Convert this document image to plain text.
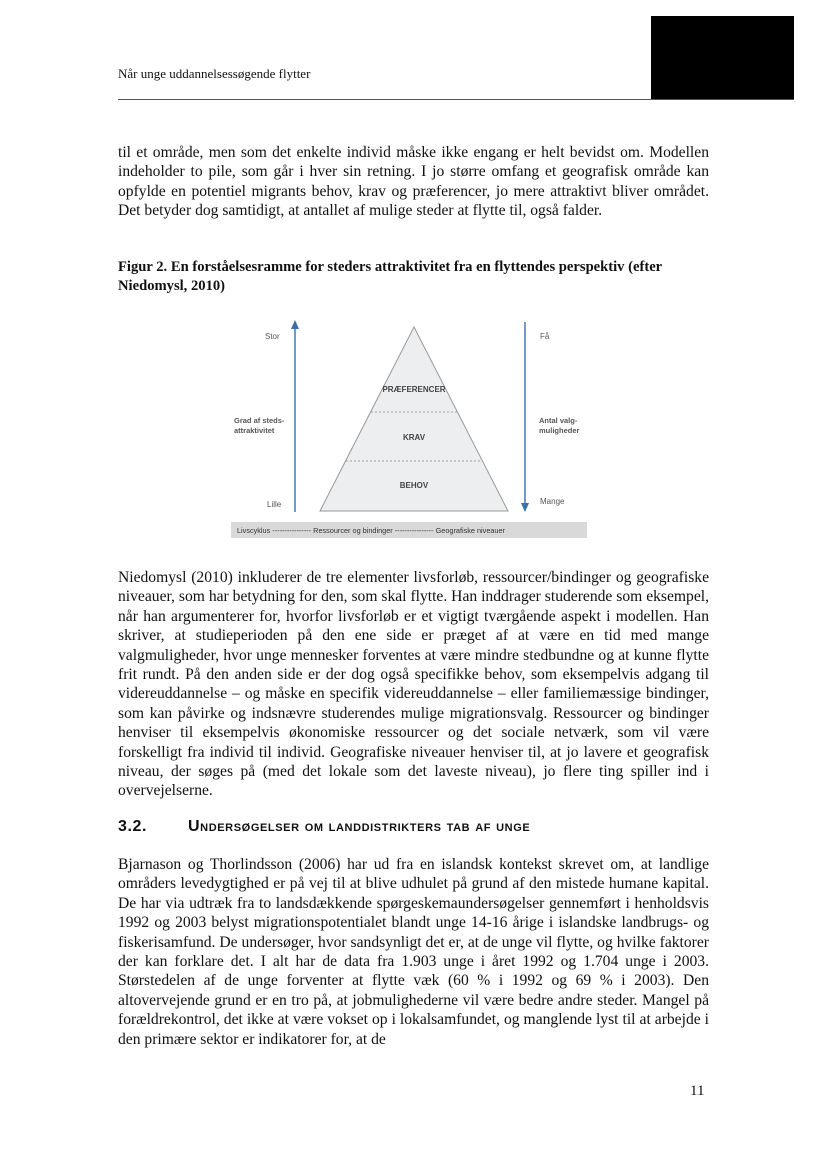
Når unge uddannelsessøgende flytter

til et område, men som det enkelte individ måske ikke engang er helt bevidst om. Modellen indeholder to pile, som går i hver sin retning. I jo større omfang et geografisk område kan opfylde en potentiel migrants behov, krav og præferencer, jo mere attraktivt bliver området. Det betyder dog samtidigt, at antallet af mulige steder at flytte til, også falder.

Figur 2. En forståelsesramme for steders attraktivitet fra en flyttendes perspektiv (efter Niedomysl, 2010)

PRÆFERENCER
KRAV
BEHOV
Stor
Grad af steds-
attraktivitet
Lille
Få
Antal valg-
muligheder
Mange
Livscyklus ---------------- Ressourcer og bindinger ---------------- Geografiske niveauer

Niedomysl (2010) inkluderer de tre elementer livsforløb, ressourcer/bindinger og geografiske niveauer, som har betydning for den, som skal flytte. Han inddrager studerende som eksempel, når han argumenterer for, hvorfor livsforløb er et vigtigt tværgående aspekt i modellen. Han skriver, at studieperioden på den ene side er præget af at være en tid med mange valgmuligheder, hvor unge mennesker forventes at være mindre stedbundne og at kunne flytte frit rundt. På den anden side er der dog også specifikke behov, som eksempelvis adgang til videreuddannelse – og måske en specifik videreuddannelse – eller familiemæssige bindinger, som kan påvirke og indsnævre studerendes mulige migrationsvalg. Ressourcer og bindinger henviser til eksempelvis økonomiske ressourcer og det sociale netværk, som vil være forskelligt fra individ til individ. Geografiske niveauer henviser til, at jo lavere et geografisk niveau, der søges på (med det lokale som det laveste niveau), jo flere ting spiller ind i overvejelserne.

3.2.	Undersøgelser om landdistrikters tab af unge

Bjarnason og Thorlindsson (2006) har ud fra en islandsk kontekst skrevet om, at landlige områders levedygtighed er på vej til at blive udhulet på grund af den mistede humane kapital. De har via udtræk fra to landsdækkende spørgeskemaundersøgelser gennemført i henholdsvis 1992 og 2003 belyst migrationspotentialet blandt unge 14-16 årige i islandske landbrugs- og fiskerisamfund. De undersøger, hvor sandsynligt det er, at de unge vil flytte, og hvilke faktorer der kan forklare det. I alt har de data fra 1.903 unge i året 1992 og 1.704 unge i 2003. Størstedelen af de unge forventer at flytte væk (60 % i 1992 og 69 % i 2003). Den altovervejende grund er en tro på, at jobmulighederne vil være bedre andre steder. Mangel på forældrekontrol, det ikke at være vokset op i lokalsamfundet, og manglende lyst til at arbejde i den primære sektor er indikatorer for, at de

11
